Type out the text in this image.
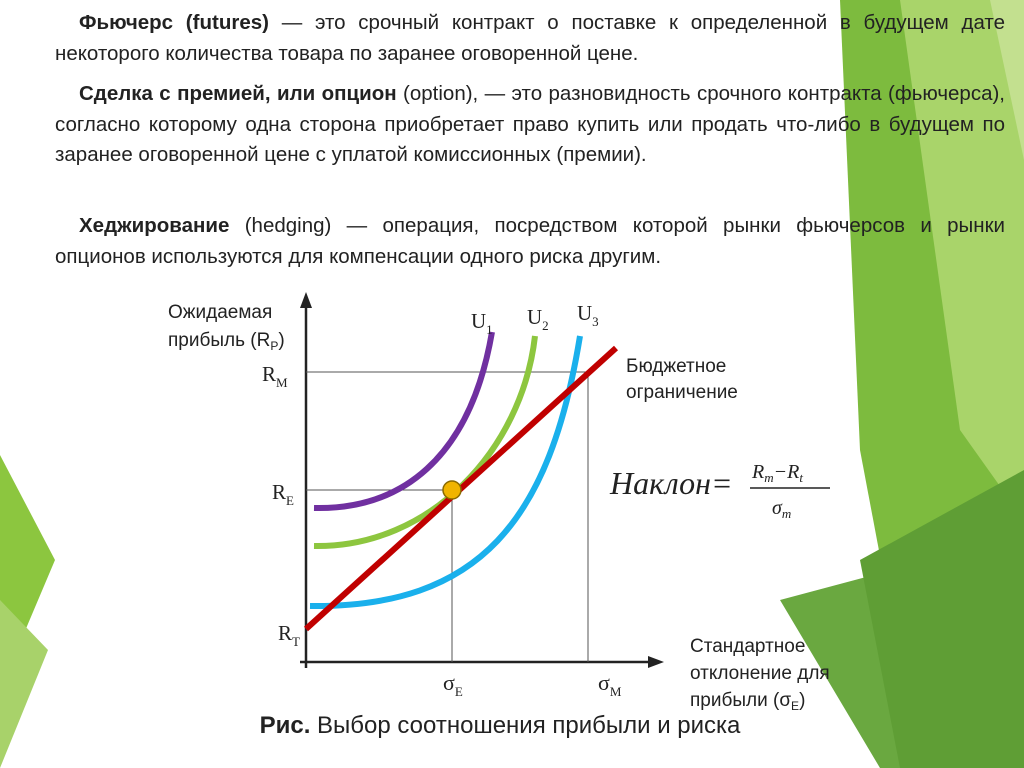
Фьючерс (futures) — это срочный контракт о поставке к определенной в будущем дате некоторого количества товара по заранее оговоренной цене.

Сделка с премией, или опцион (option), — это разновидность срочного контракта (фьючерса), согласно которому одна сторона приобретает право купить или продать что-либо в будущем по заранее оговоренной цене с уплатой комиссионных (премии).

Хеджирование (hedging) — операция, посредством которой рынки фьючерсов и рынки опционов используются для компенсации одного риска другим.

Ожидаемая
прибыль $(R_P)$
$R_M$
$R_E$
$R_T$
$\sigma_E$	$\sigma_M$
$U_1$
$U_2$
$U_3$
Бюджетное
ограничение
Наклон= $R_m-R_t$
$\sigma_m$
Стандартное
отклонение для
прибыли $(\sigma_E)$
Рис. Выбор соотношения прибыли и риска
